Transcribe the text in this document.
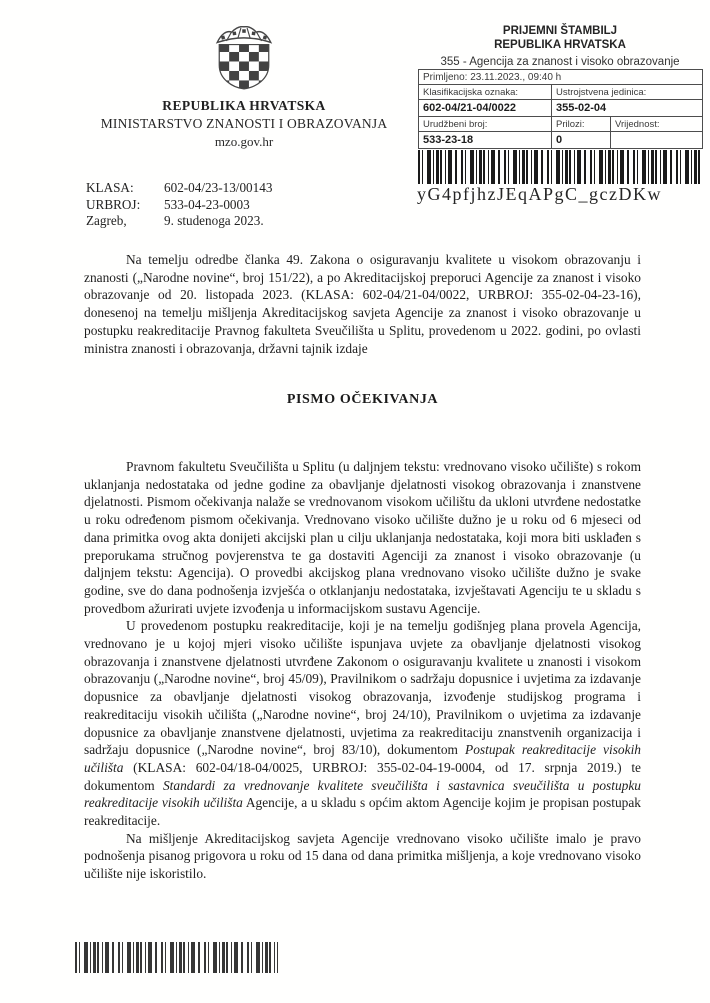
REPUBLIKA HRVATSKA
MINISTARSTVO ZNANOSTI I OBRAZOVANJA
mzo.gov.hr
PRIJEMNI ŠTAMBILJ
REPUBLIKA HRVATSKA
355 - Agencija za znanost i visoko obrazovanje
Primljeno: 23.11.2023., 09:40 h		
Klasifikacijska oznaka:	Ustrojstvena jedinica:	
602-04/21-04/0022	355-02-04	
Urudžbeni broj:	Prilozi:	Vrijednost:
533-23-18	0	
yG4pfjhzJEqAPgC_gczDKw
KLASA:	602-04/23-13/00143
URBROJ:	533-04-23-0003
Zagreb,	9. studenoga 2023.
Na temelju odredbe članka 49. Zakona o osiguravanju kvalitete u visokom obrazovanju i znanosti („Narodne novine“, broj 151/22), a po Akreditacijskoj preporuci Agencije za znanost i visoko obrazovanje od 20. listopada 2023. (KLASA: 602-04/21-04/0022, URBROJ: 355-02-04-23-16), donesenoj na temelju mišljenja Akreditacijskog savjeta Agencije za znanost i visoko obrazovanje u postupku reakreditacije Pravnog fakulteta Sveučilišta u Splitu, provedenom u 2022. godini, po ovlasti ministra znanosti i obrazovanja, državni tajnik izdaje
PISMO OČEKIVANJA

Pravnom fakultetu Sveučilišta u Splitu (u daljnjem tekstu: vrednovano visoko učilište) s rokom uklanjanja nedostataka od jedne godine za obavljanje djelatnosti visokog obrazovanja i znanstvene djelatnosti. Pismom očekivanja nalaže se vrednovanom visokom učilištu da ukloni utvrđene nedostatke u roku određenom pismom očekivanja. Vrednovano visoko učilište dužno je u roku od 6 mjeseci od dana primitka ovog akta donijeti akcijski plan u cilju uklanjanja nedostataka, koji mora biti usklađen s preporukama stručnog povjerenstva te ga dostaviti Agenciji za znanost i visoko obrazovanje (u daljnjem tekstu: Agencija). O provedbi akcijskog plana vrednovano visoko učilište dužno je svake godine, sve do dana podnošenja izvješća o otklanjanju nedostataka, izvještavati Agenciju te u skladu s provedbom ažurirati uvjete izvođenja u informacijskom sustavu Agencije.

U provedenom postupku reakreditacije, koji je na temelju godišnjeg plana provela Agencija, vrednovano je u kojoj mjeri visoko učilište ispunjava uvjete za obavljanje djelatnosti visokog obrazovanja i znanstvene djelatnosti utvrđene Zakonom o osiguravanju kvalitete u znanosti i visokom obrazovanju („Narodne novine“, broj 45/09), Pravilnikom o sadržaju dopusnice i uvjetima za izdavanje dopusnice za obavljanje djelatnosti visokog obrazovanja, izvođenje studijskog programa i reakreditaciju visokih učilišta („Narodne novine“, broj 24/10), Pravilnikom o uvjetima za izdavanje dopusnice za obavljanje znanstvene djelatnosti, uvjetima za reakreditaciju znanstvenih organizacija i sadržaju dopusnice („Narodne novine“, broj 83/10), dokumentom Postupak reakreditacije visokih učilišta (KLASA: 602-04/18-04/0025, URBROJ: 355-02-04-19-0004, od 17. srpnja 2019.) te dokumentom Standardi za vrednovanje kvalitete sveučilišta i sastavnica sveučilišta u postupku reakreditacije visokih učilišta Agencije, a u skladu s općim aktom Agencije kojim je propisan postupak reakreditacije.

Na mišljenje Akreditacijskog savjeta Agencije vrednovano visoko učilište imalo je pravo podnošenja pisanog prigovora u roku od 15 dana od dana primitka mišljenja, a koje vrednovano visoko učilište nije iskoristilo.
